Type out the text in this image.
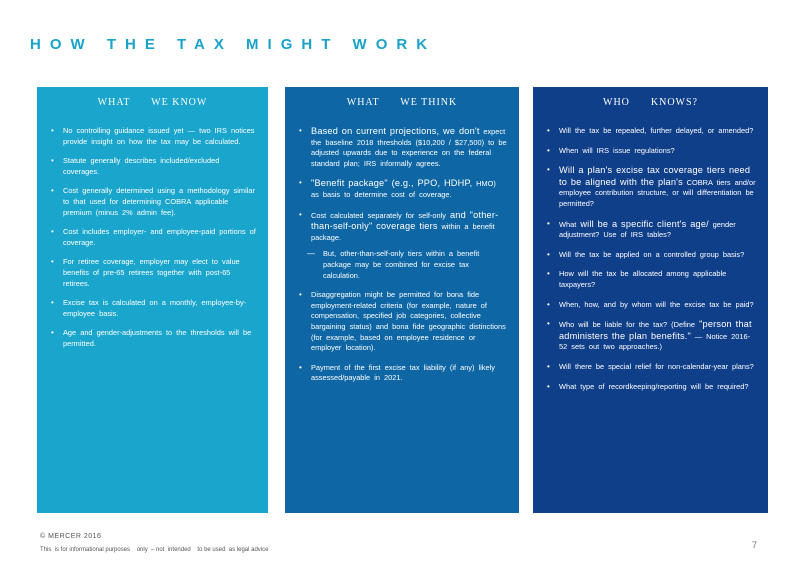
HOW THE TAX MIGHT WORK
WHAT      WE KNOW
• No controlling guidance issued yet — two IRS notices provide insight on how the tax may be calculated.
• Statute generally describes included/excluded coverages.
• Cost generally determined using a methodology similar to that used for determining COBRA applicable premium (minus 2% admin fee).
• Cost includes employer- and employee-paid portions of coverage.
• For retiree coverage, employer may elect to value benefits of pre-65 retirees together with post-65 retirees.
• Excise tax is calculated on a monthly, employee-by-employee basis.
• Age and gender-adjustments to the thresholds will be permitted.
WHAT      WE THINK
• Based on current projections, we don't expect the baseline 2018 thresholds ($10,200 / $27,500) to be adjusted upwards due to experience on the federal standard plan; IRS informally agrees.
• "Benefit package" (e.g., PPO, HDHP, HMO) as basis to determine cost of coverage.
• Cost calculated separately for self-only and "other-than-self-only" coverage tiers within a benefit package.
— But, other-than-self-only tiers within a benefit package may be combined for excise tax calculation.
• Disaggregation might be permitted for bona fide employment-related criteria (for example, nature of compensation, specified job categories, collective bargaining status) and bona fide geographic distinctions (for example, based on employee residence or employer location).
• Payment of the first excise tax liability (if any) likely assessed/payable in 2021.
WHO      KNOWS?
• Will the tax be repealed, further delayed, or amended?
• When will IRS issue regulations?
• Will a plan's excise tax coverage tiers need to be aligned with the plan's COBRA tiers and/or employee contribution structure, or will differentiation be permitted?
• What will be a specific client's age/ gender adjustment? Use of IRS tables?
• Will the tax be applied on a controlled group basis?
• How will the tax be allocated among applicable taxpayers?
• When, how, and by whom will the excise tax be paid?
• Who will be liable for the tax? (Define "person that administers the plan benefits." — Notice 2016-52 sets out two approaches.)
• Will there be special relief for non-calendar-year plans?
• What type of recordkeeping/reporting will be required?
© MERCER 2016
This  is for informational purposes    only  – not  intended    to be used  as legal advice	7
